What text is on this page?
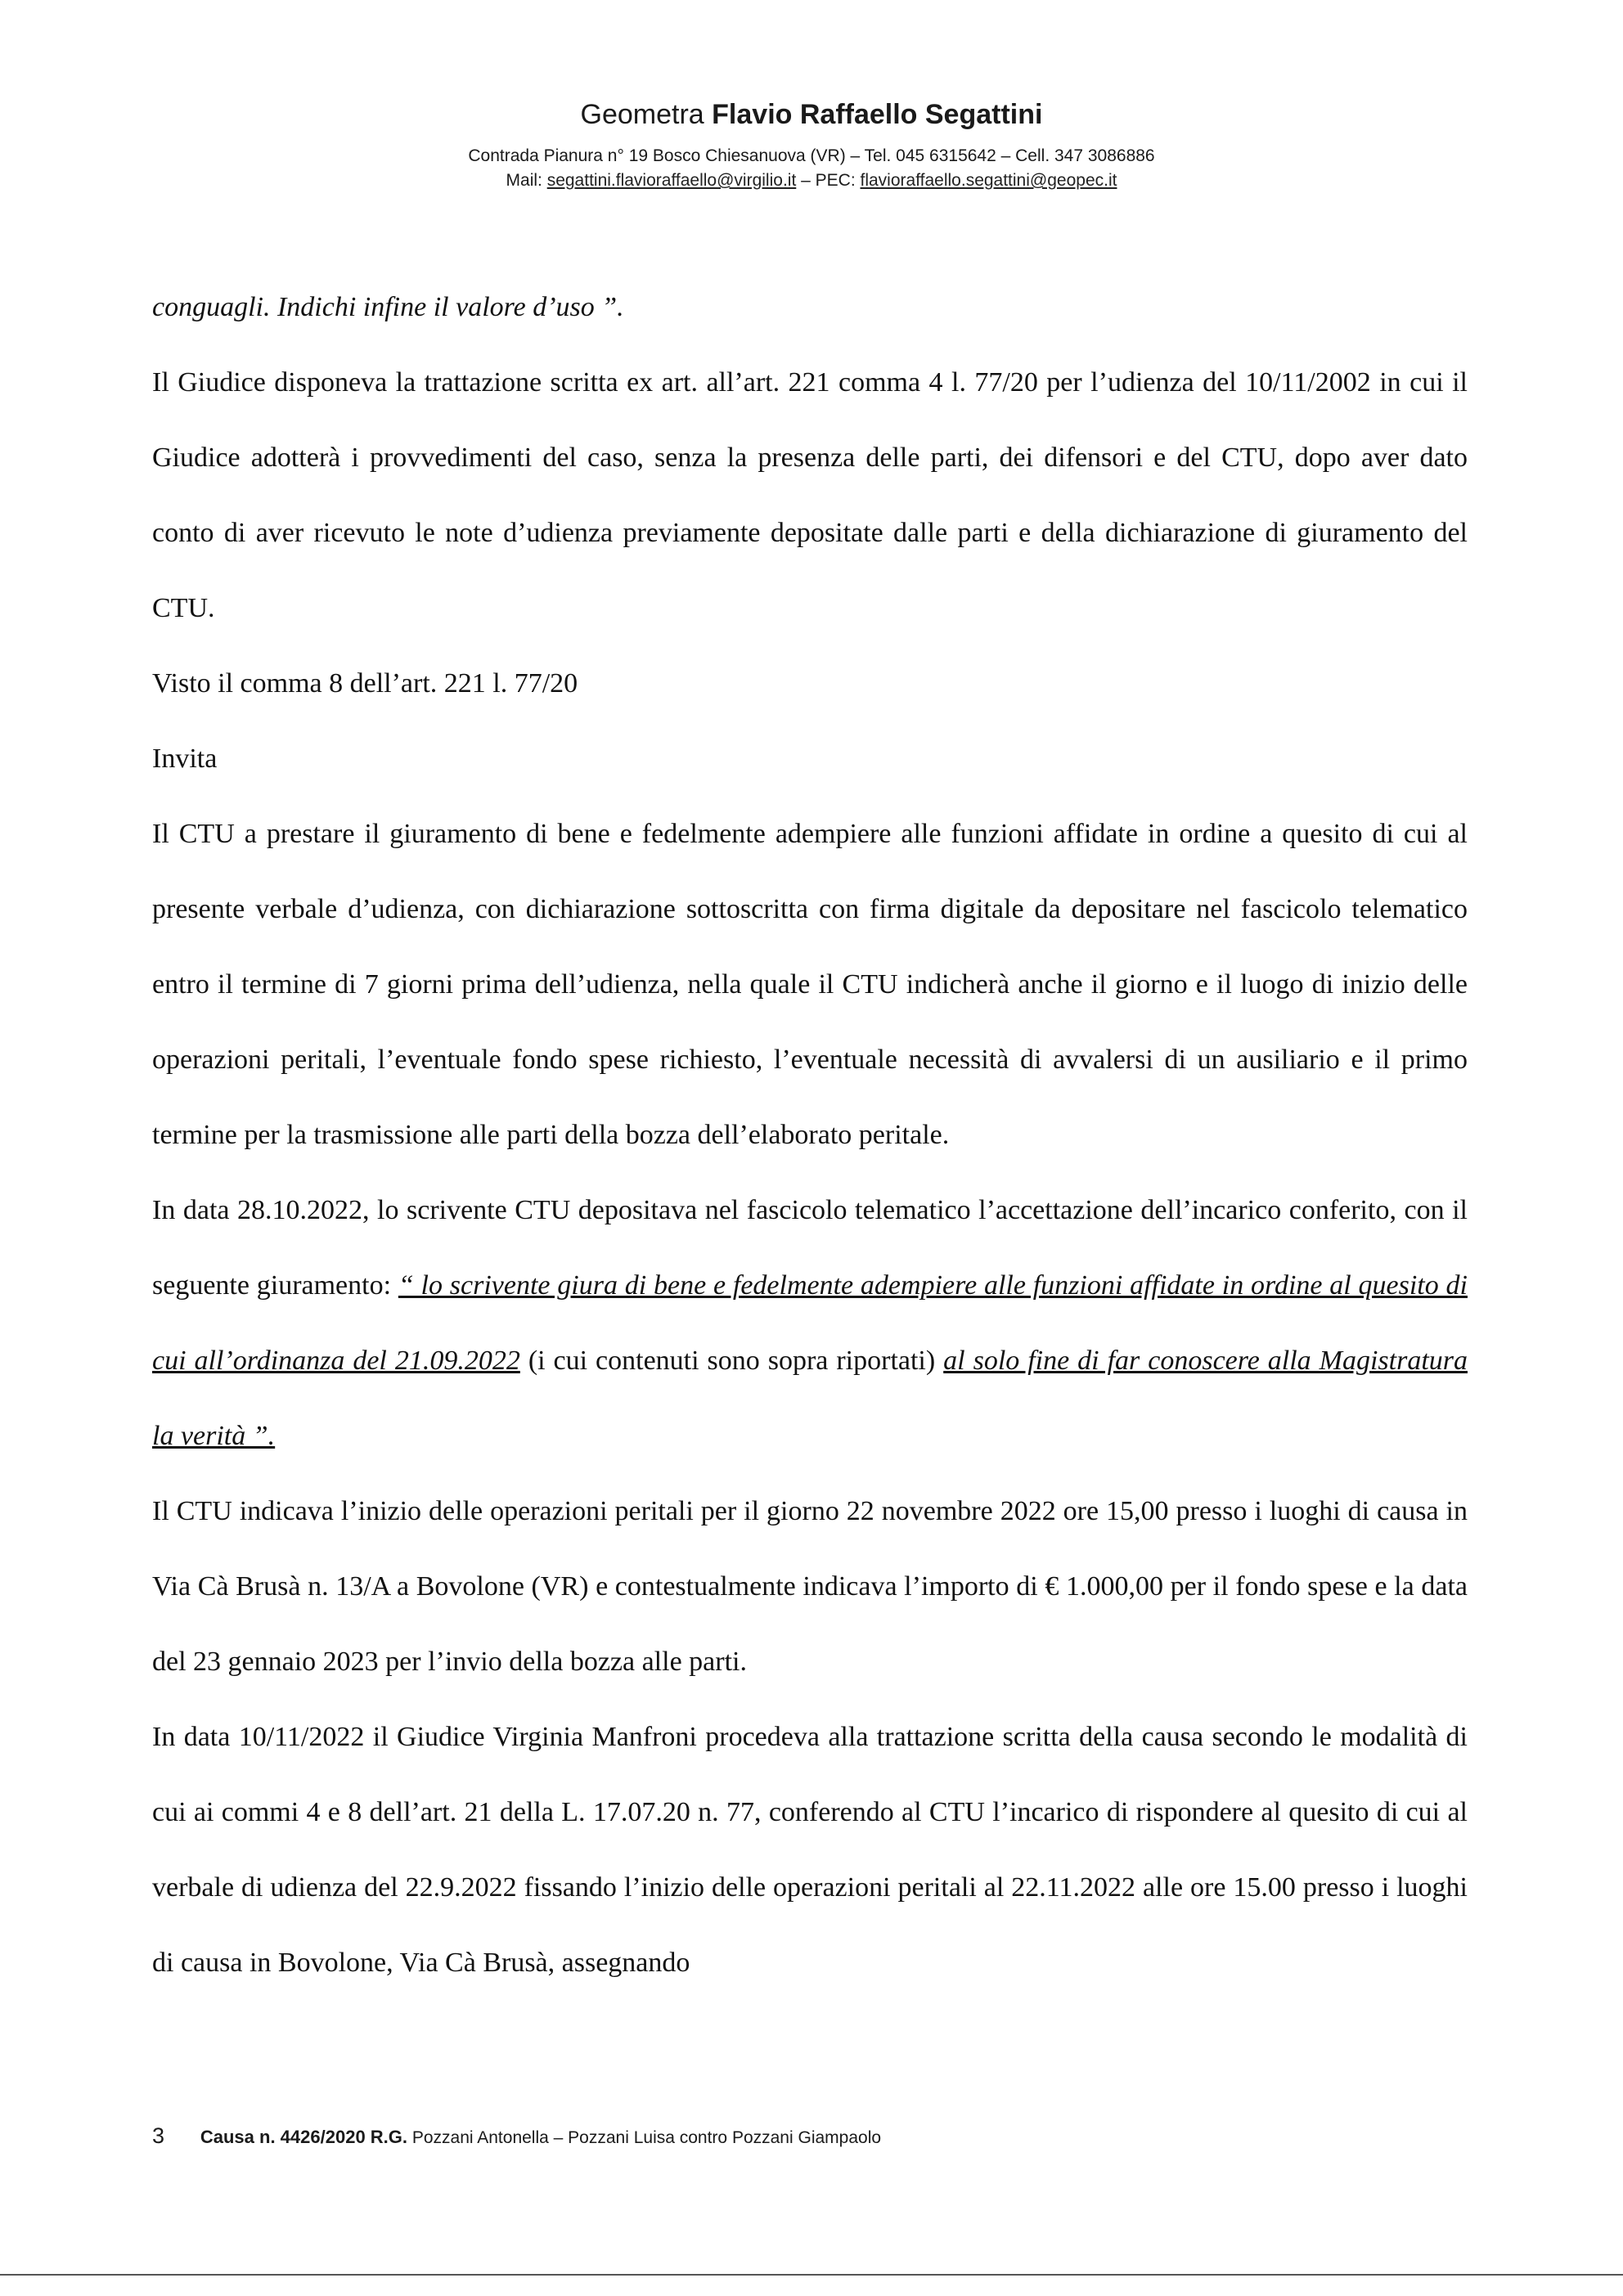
Geometra Flavio Raffaello Segattini
Contrada Pianura n° 19 Bosco Chiesanuova (VR) – Tel. 045 6315642 – Cell. 347 3086886
Mail: segattini.flavioraffaello@virgilio.it – PEC: flavioraffaello.segattini@geopec.it

conguagli. Indichi infine il valore d’uso ”.

Il Giudice disponeva la trattazione scritta ex art. all’art. 221 comma 4 l. 77/20 per l’udienza del 10/11/2002 in cui il Giudice adotterà i provvedimenti del caso, senza la presenza delle parti, dei difensori e del CTU, dopo aver dato conto di aver ricevuto le note d’udienza previamente depositate dalle parti e della dichiarazione di giuramento del CTU.

Visto il comma 8 dell’art. 221 l. 77/20

Invita

Il CTU a prestare il giuramento di bene e fedelmente adempiere alle funzioni affidate in ordine a quesito di cui al presente verbale d’udienza, con dichiarazione sottoscritta con firma digitale da depositare nel fascicolo telematico entro il termine di 7 giorni prima dell’udienza, nella quale il CTU indicherà anche il giorno e il luogo di inizio delle operazioni peritali, l’eventuale fondo spese richiesto, l’eventuale necessità di avvalersi di un ausiliario e il primo termine per la trasmissione alle parti della bozza dell’elaborato peritale.

In data 28.10.2022, lo scrivente CTU depositava nel fascicolo telematico l’accettazione dell’incarico conferito, con il seguente giuramento: “ lo scrivente giura di bene e fedelmente adempiere alle funzioni affidate in ordine al quesito di cui all’ordinanza del 21.09.2022 (i cui contenuti sono sopra riportati) al solo fine di far conoscere alla Magistratura la verità ”.

Il CTU indicava l’inizio delle operazioni peritali per il giorno 22 novembre 2022 ore 15,00 presso i luoghi di causa in Via Cà Brusà n. 13/A a Bovolone (VR) e contestualmente indicava l’importo di € 1.000,00 per il fondo spese e la data del 23 gennaio 2023 per l’invio della bozza alle parti.

In data 10/11/2022 il Giudice Virginia Manfroni procedeva alla trattazione scritta della causa secondo le modalità di cui ai commi 4 e 8 dell’art. 21 della L. 17.07.20 n. 77, conferendo al CTU l’incarico di rispondere al quesito di cui al verbale di udienza del 22.9.2022 fissando l’inizio delle operazioni peritali al 22.11.2022 alle ore 15.00 presso i luoghi di causa in Bovolone, Via Cà Brusà, assegnando

3 Causa n. 4426/2020 R.G. Pozzani Antonella – Pozzani Luisa contro Pozzani Giampaolo
